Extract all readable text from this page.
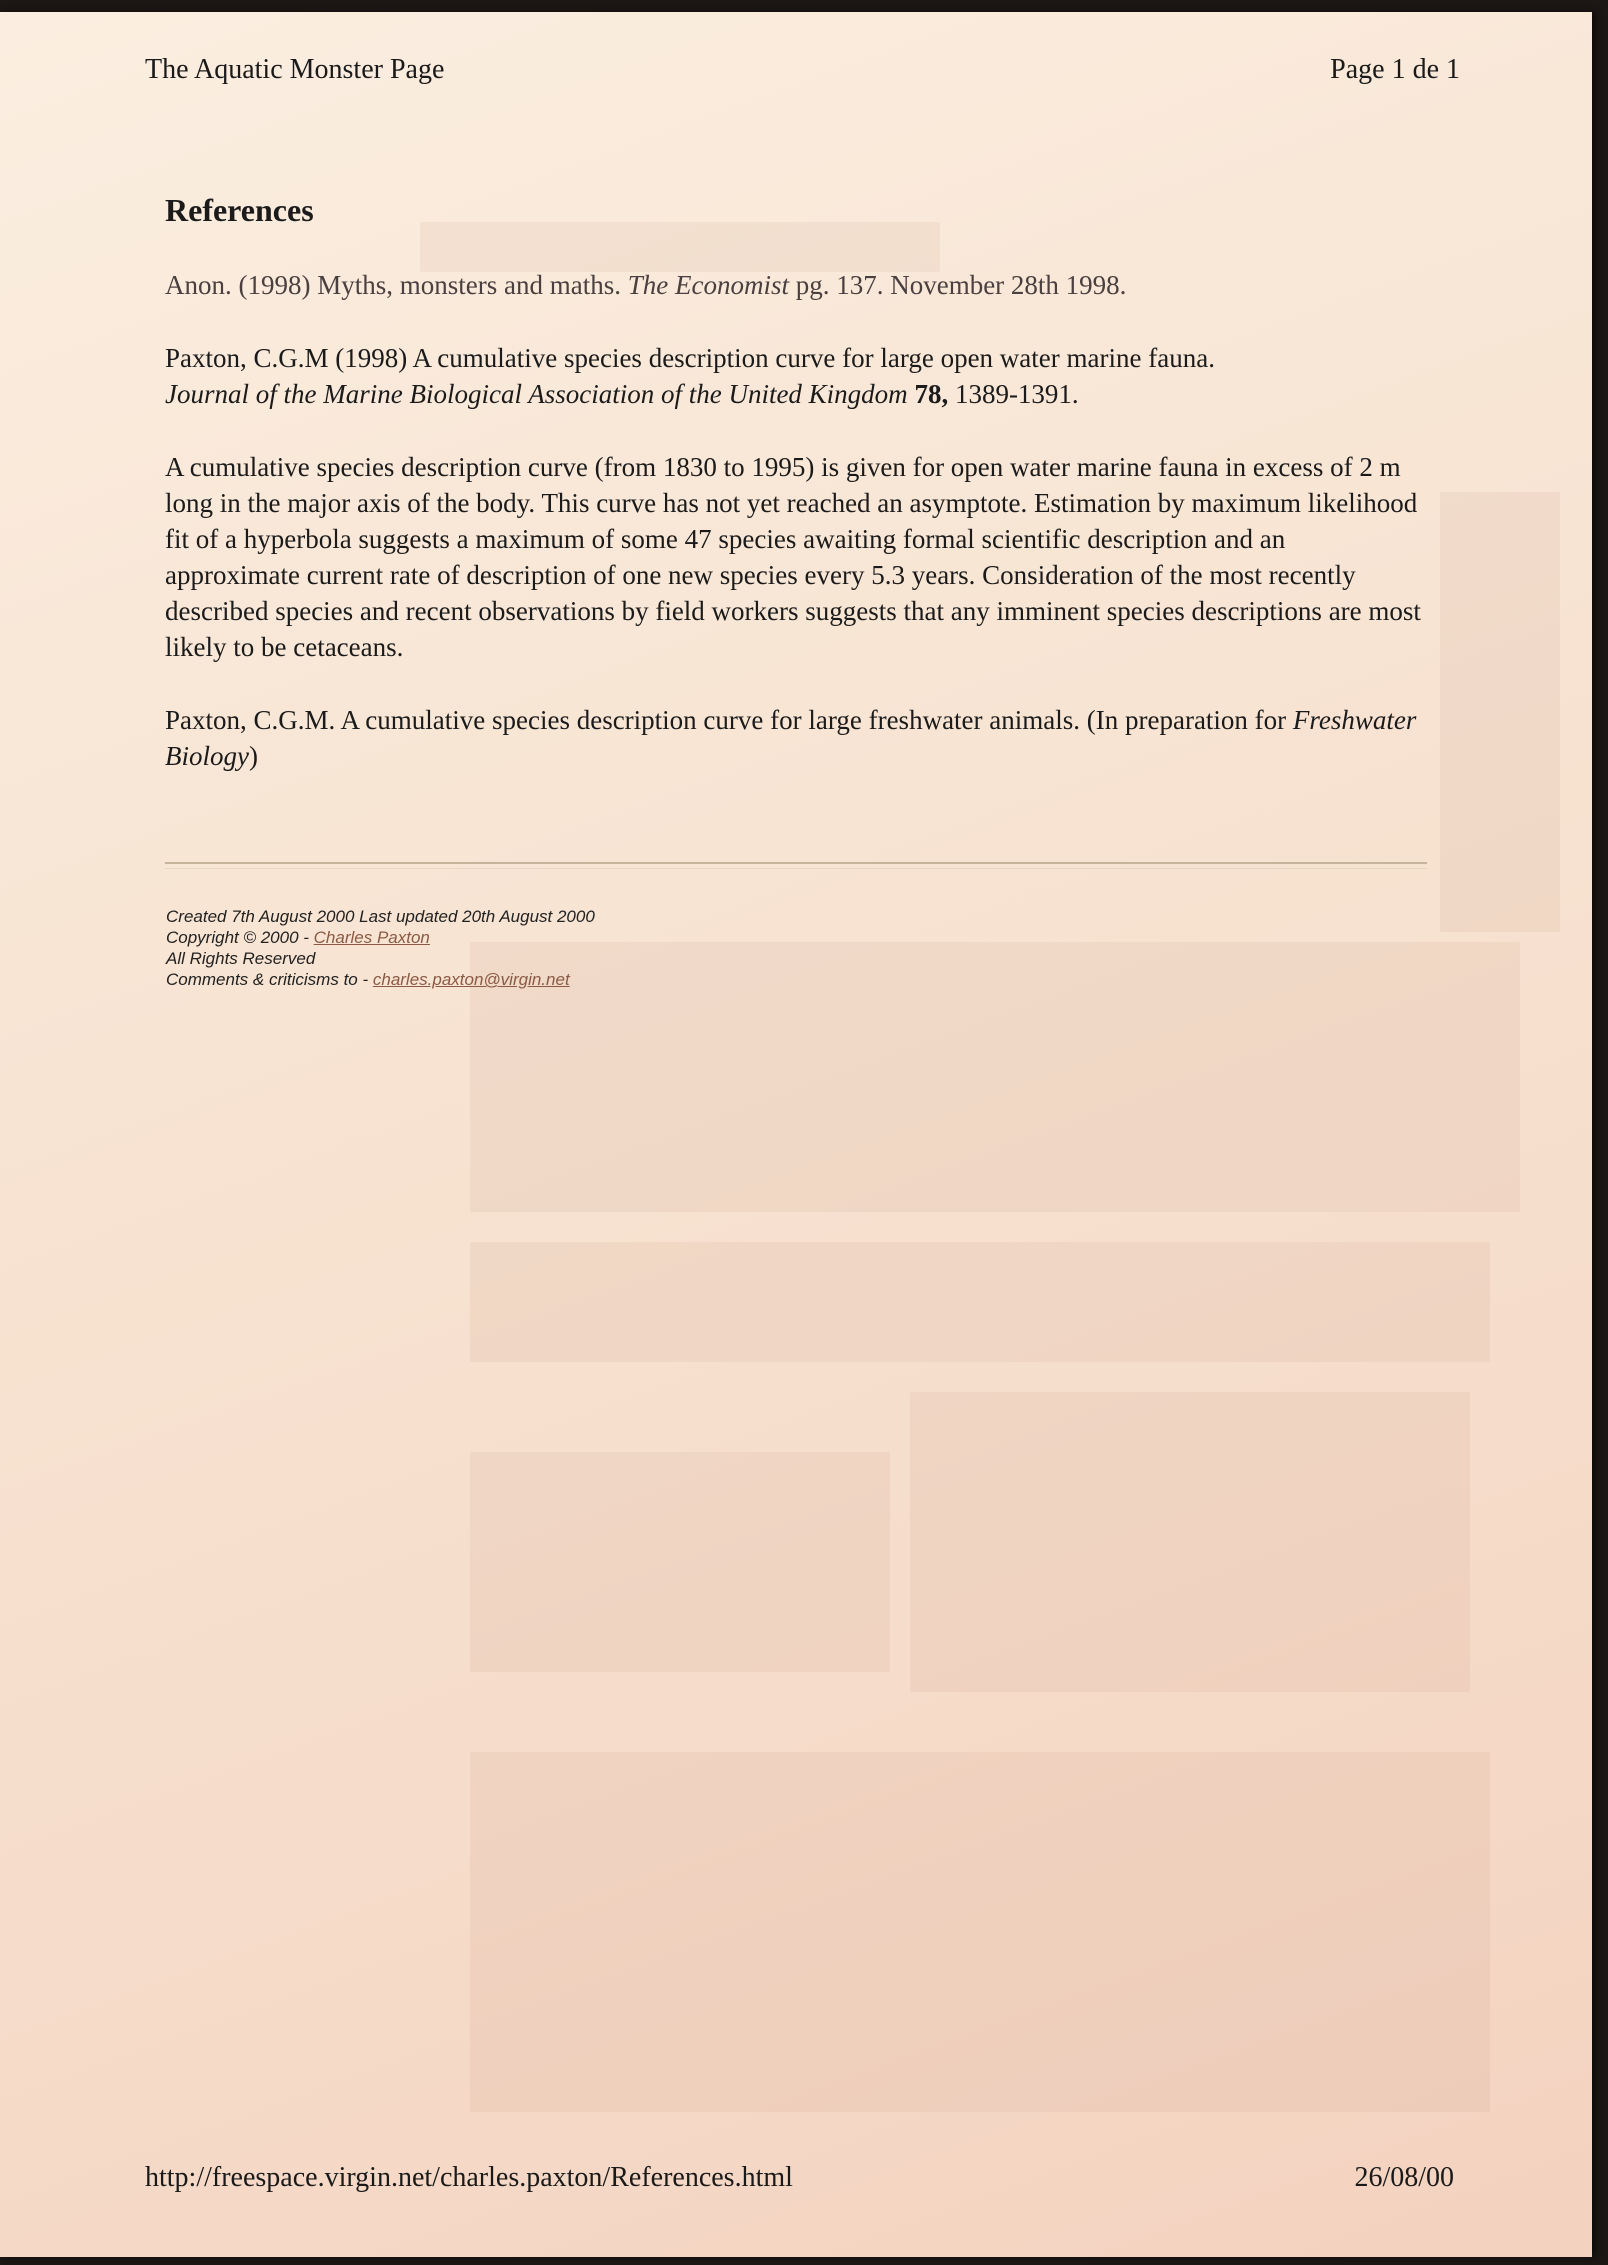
The Aquatic Monster Page	Page 1 de 1
References

Anon. (1998) Myths, monsters and maths. The Economist pg. 137. November 28th 1998.

Paxton, C.G.M (1998) A cumulative species description curve for large open water marine fauna.
Journal of the Marine Biological Association of the United Kingdom 78, 1389-1391.

A cumulative species description curve (from 1830 to 1995) is given for open water marine fauna in excess of 2 m long in the major axis of the body. This curve has not yet reached an asymptote. Estimation by maximum likelihood fit of a hyperbola suggests a maximum of some 47 species awaiting formal scientific description and an approximate current rate of description of one new species every 5.3 years. Consideration of the most recently described species and recent observations by field workers suggests that any imminent species descriptions are most likely to be cetaceans.

Paxton, C.G.M. A cumulative species description curve for large freshwater animals. (In preparation for Freshwater Biology)

Created 7th August 2000 Last updated 20th August 2000
Copyright © 2000 - Charles Paxton
All Rights Reserved
Comments & criticisms to - charles.paxton@virgin.net
http://freespace.virgin.net/charles.paxton/References.html	26/08/00
